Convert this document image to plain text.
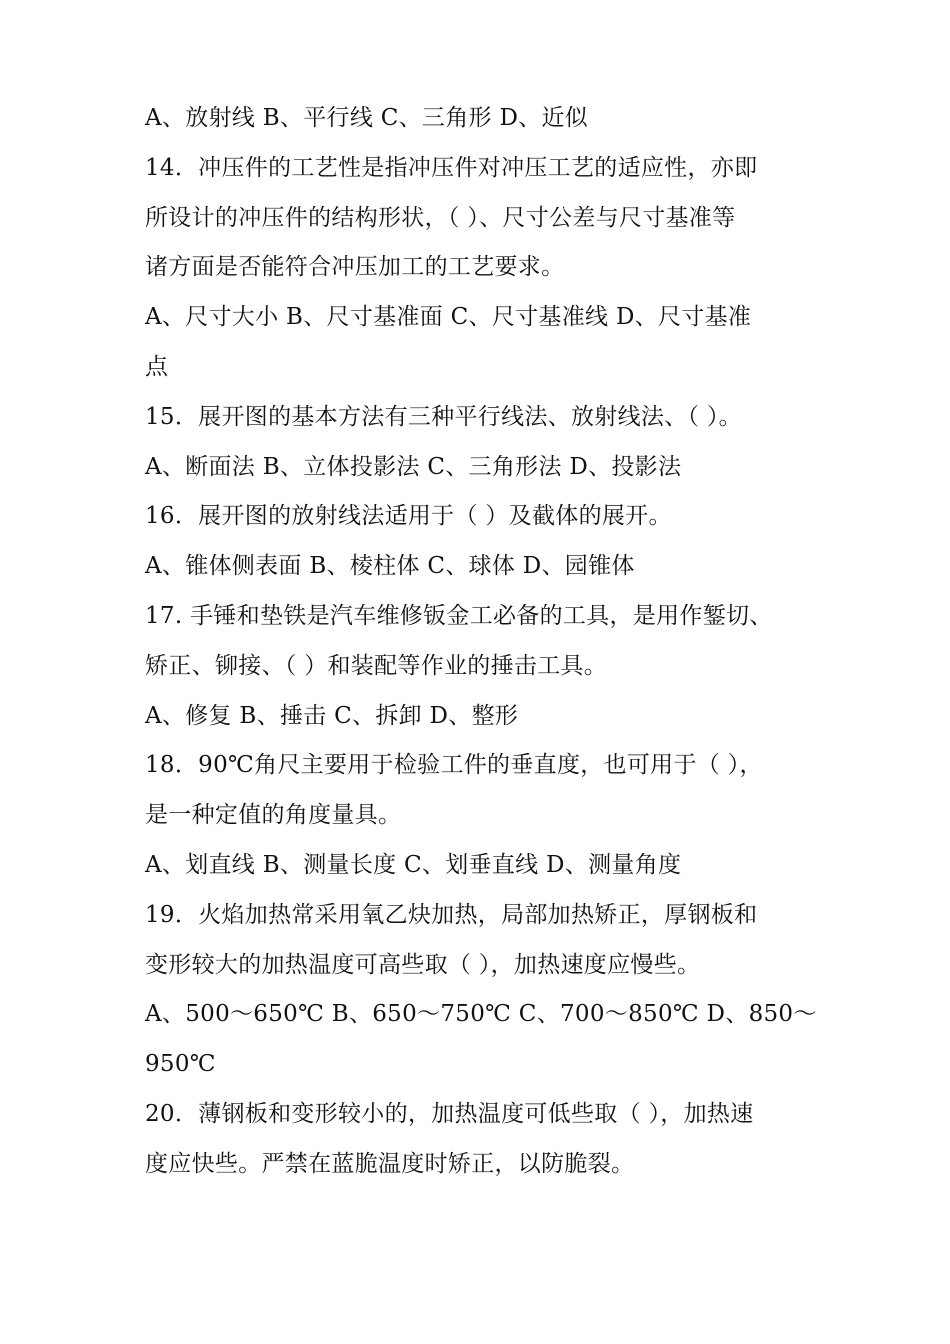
A、放射线 B、平行线 C、三角形 D、近似
14．冲压件的工艺性是指冲压件对冲压工艺的适应性，亦即
所设计的冲压件的结构形状，（ ）、尺寸公差与尺寸基准等
诸方面是否能符合冲压加工的工艺要求。
A、尺寸大小 B、尺寸基准面 C、尺寸基准线 D、尺寸基准
点
15．展开图的基本方法有三种平行线法、放射线法、（ ）。
A、断面法 B、立体投影法 C、三角形法 D、投影法
16．展开图的放射线法适用于（ ）及截体的展开。
A、锥体侧表面 B、棱柱体 C、球体 D、园锥体
17. 手锤和垫铁是汽车维修钣金工必备的工具，是用作錾切、
矫正、铆接、（ ）和装配等作业的捶击工具。
A、修复 B、捶击 C、拆卸 D、整形
18．90℃角尺主要用于检验工件的垂直度，也可用于（ ），
是一种定值的角度量具。
A、划直线 B、测量长度 C、划垂直线 D、测量角度
19．火焰加热常采用氧乙炔加热，局部加热矫正，厚钢板和
变形较大的加热温度可高些取（ ），加热速度应慢些。
A、500～650℃ B、650～750℃ C、700～850℃ D、850～
950℃
20．薄钢板和变形较小的，加热温度可低些取（ ），加热速
度应快些。严禁在蓝脆温度时矫正，以防脆裂。
